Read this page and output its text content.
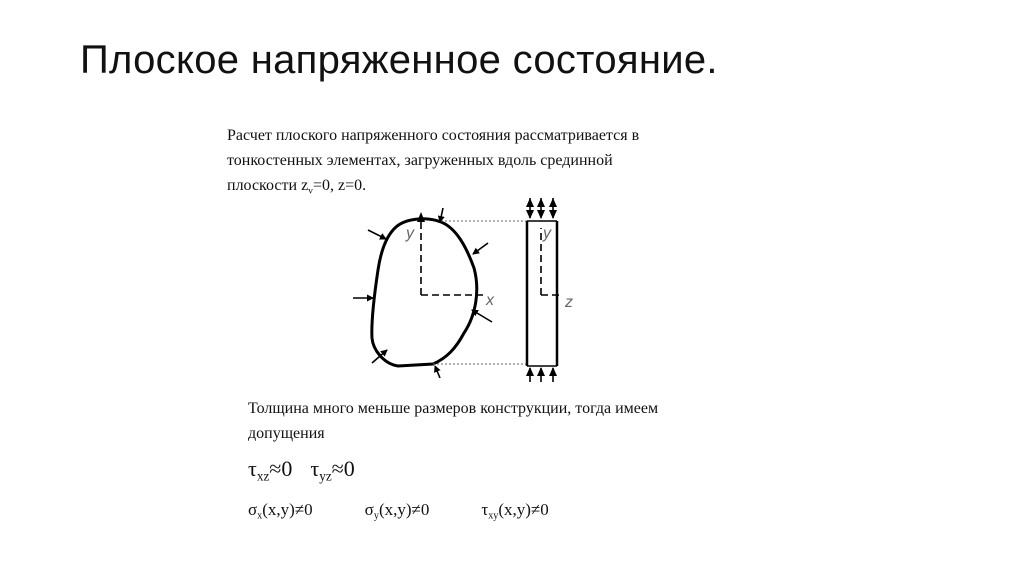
Плоское напряженное состояние.
Расчет плоского напряженного состояния рассматривается в
тонкостенных элементах, загруженных вдоль срединной
плоскости $z_v=0$, z=0.
y
x
y
z
Толщина много меньше размеров конструкции, тогда имеем
допущения
$\tau_{xz}\approx 0$ $\tau_{yz}\approx 0$
$\sigma_x(x,y)\ne 0$	$\sigma_y(x,y)\ne 0$	$\tau_{xy}(x,y)\ne 0$
